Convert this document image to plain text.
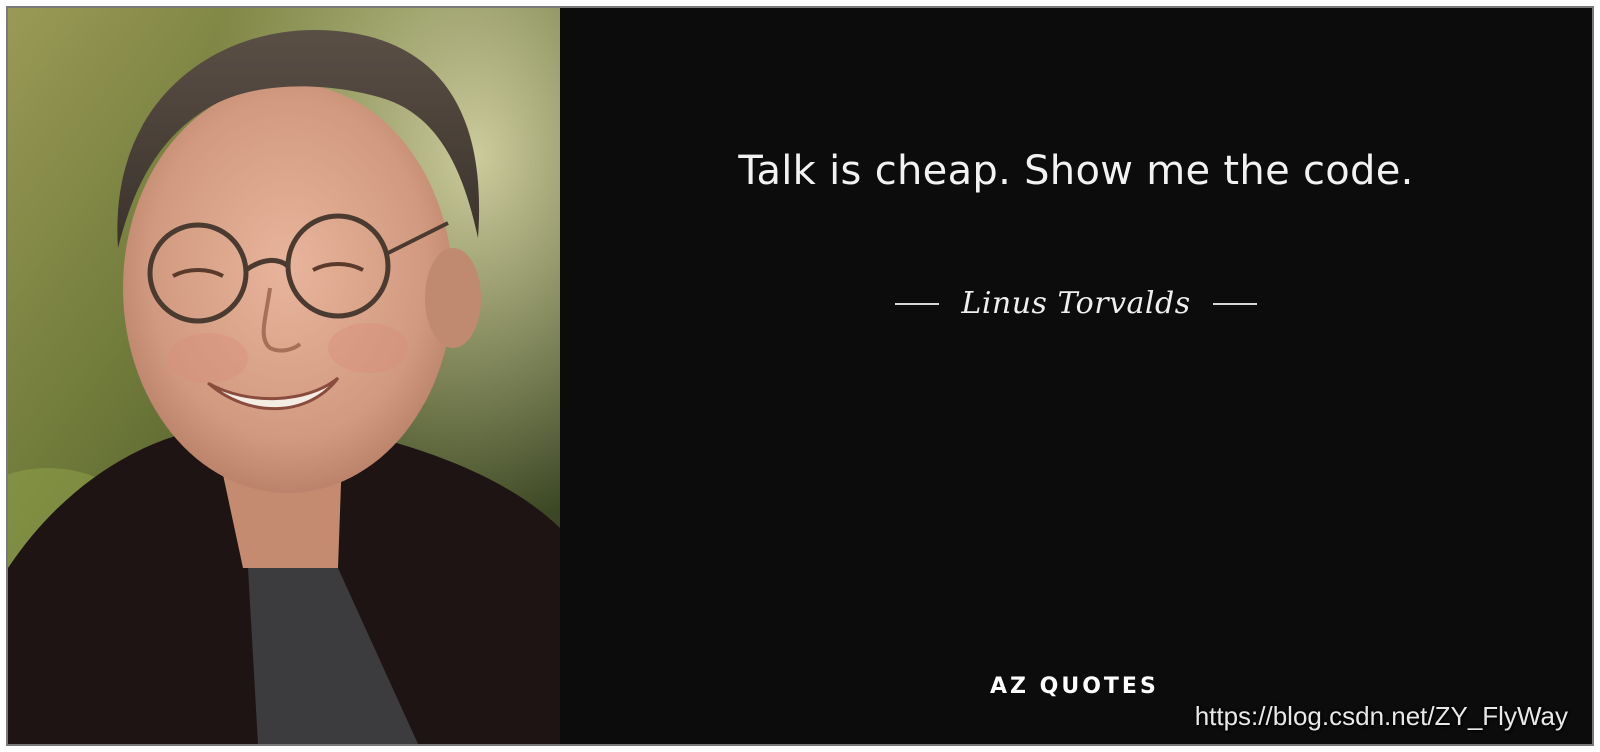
Talk is cheap. Show me the code.
Linus Torvalds
AZ QUOTES
https://blog.csdn.net/ZY_FlyWay
